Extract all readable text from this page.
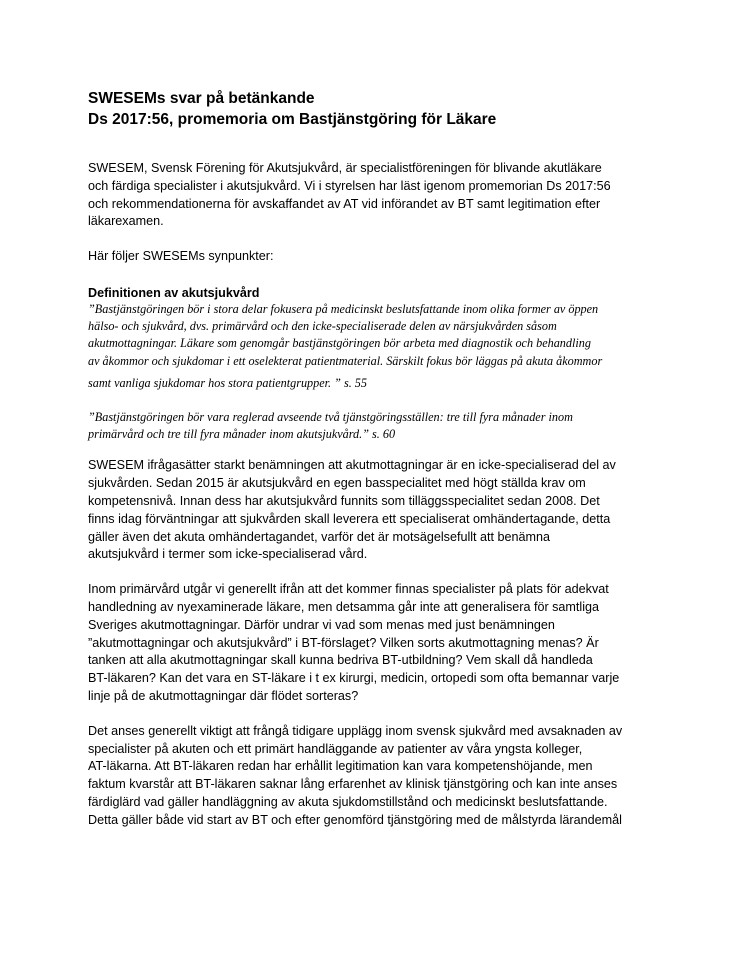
SWESEMs svar på betänkande
Ds 2017:56, promemoria om Bastjänstgöring för Läkare

SWESEM, Svensk Förening för Akutsjukvård, är specialistföreningen för blivande akutläkare
och färdiga specialister i akutsjukvård. Vi i styrelsen har läst igenom promemorian Ds 2017:56
och rekommendationerna för avskaffandet av AT vid införandet av BT samt legitimation efter
läkarexamen.

Här följer SWESEMs synpunkter:

Definitionen av akutsjukvård

”Bastjänstgöringen bör i stora delar fokusera på medicinskt beslutsfattande inom olika former av öppen
hälso- och sjukvård, dvs. primärvård och den icke-specialiserade delen av närsjukvården såsom
akutmottagningar. Läkare som genomgår bastjänstgöringen bör arbeta med diagnostik och behandling
av åkommor och sjukdomar i ett oselekterat patientmaterial. Särskilt fokus bör läggas på akuta åkommor
samt vanliga sjukdomar hos stora patientgrupper. ” s. 55

”Bastjänstgöringen bör vara reglerad avseende två tjänstgöringsställen: tre till fyra månader inom
primärvård och tre till fyra månader inom akutsjukvård.” s. 60

SWESEM ifrågasätter starkt benämningen att akutmottagningar är en icke-specialiserad del av
sjukvården. Sedan 2015 är akutsjukvård en egen basspecialitet med högt ställda krav om
kompetensnivå. Innan dess har akutsjukvård funnits som tilläggsspecialitet sedan 2008. Det
finns idag förväntningar att sjukvården skall leverera ett specialiserat omhändertagande, detta
gäller även det akuta omhändertagandet, varför det är motsägelsefullt att benämna
akutsjukvård i termer som icke-specialiserad vård.

Inom primärvård utgår vi generellt ifrån att det kommer finnas specialister på plats för adekvat
handledning av nyexaminerade läkare, men detsamma går inte att generalisera för samtliga
Sveriges akutmottagningar. Därför undrar vi vad som menas med just benämningen
”akutmottagningar och akutsjukvård” i BT-förslaget? Vilken sorts akutmottagning menas? Är
tanken att alla akutmottagningar skall kunna bedriva BT-utbildning? Vem skall då handleda
BT-läkaren? Kan det vara en ST-läkare i t ex kirurgi, medicin, ortopedi som ofta bemannar varje
linje på de akutmottagningar där flödet sorteras?

Det anses generellt viktigt att frångå tidigare upplägg inom svensk sjukvård med avsaknaden av
specialister på akuten och ett primärt handläggande av patienter av våra yngsta kolleger,
AT-läkarna. Att BT-läkaren redan har erhållit legitimation kan vara kompetenshöjande, men
faktum kvarstår att BT-läkaren saknar lång erfarenhet av klinisk tjänstgöring och kan inte anses
färdiglärd vad gäller handläggning av akuta sjukdomstillstånd och medicinskt beslutsfattande.
Detta gäller både vid start av BT och efter genomförd tjänstgöring med de målstyrda lärandemål
